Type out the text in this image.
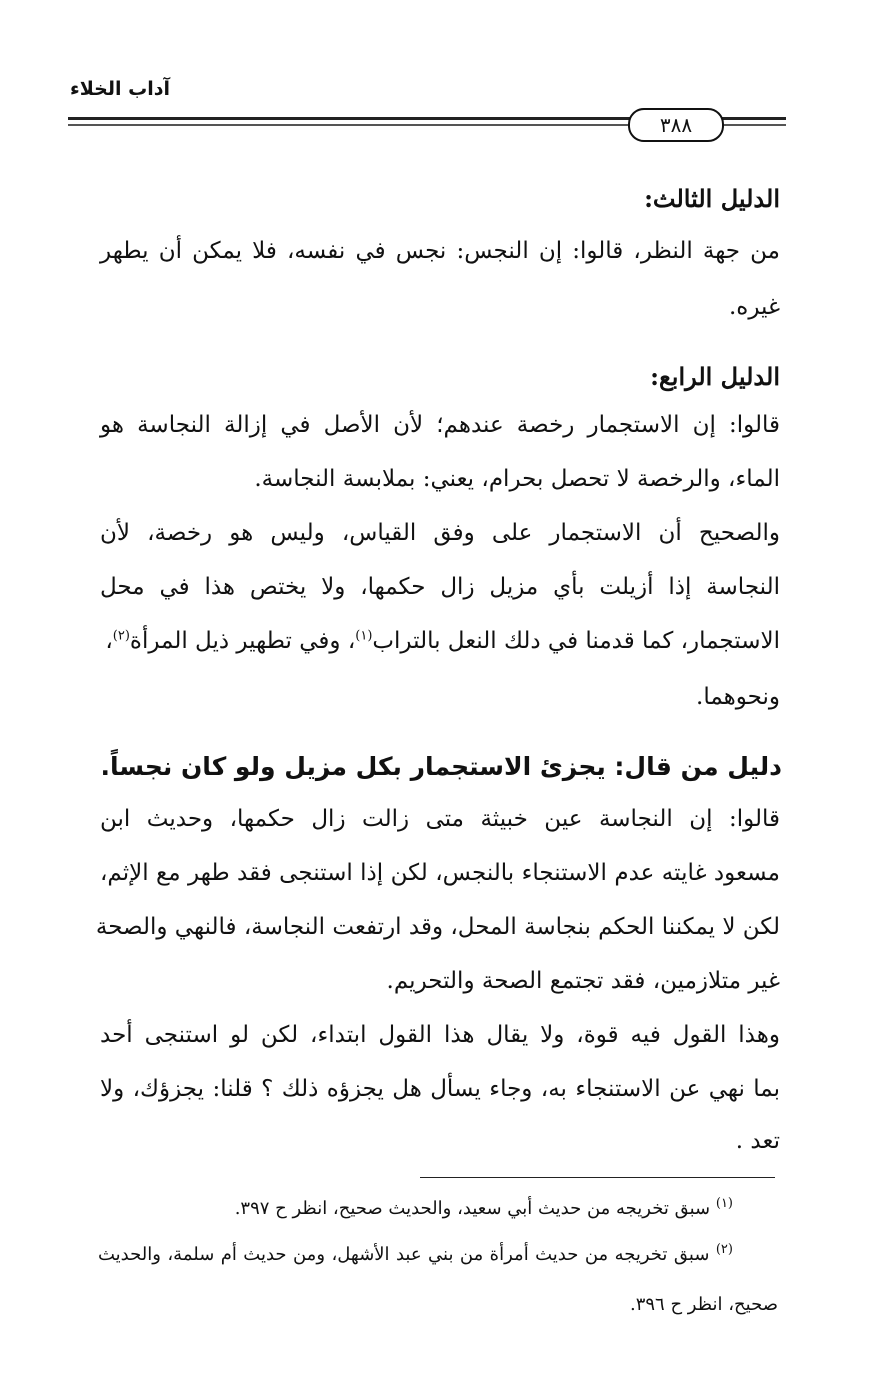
آداب الخلاء
٣٨٨
الدليل الثالث:
من جهة النظر، قالوا: إن النجس: نجس في نفسه، فلا يمكن أن يطهر
غيره.
الدليل الرابع:
قالوا: إن الاستجمار رخصة عندهم؛ لأن الأصل في إزالة النجاسة هو
الماء، والرخصة لا تحصل بحرام، يعني: بملابسة النجاسة.
والصحيح أن الاستجمار على وفق القياس، وليس هو رخصة، لأن
النجاسة إذا أزيلت بأي مزيل زال حكمها، ولا يختص هذا في محل
الاستجمار، كما قدمنا في دلك النعل بالتراب$^{(١)}$، وفي تطهير ذيل المرأة$^{(٢)}$،
ونحوهما.
دليل من قال: يجزئ الاستجمار بكل مزيل ولو كان نجساً.
قالوا: إن النجاسة عين خبيثة متى زالت زال حكمها، وحديث ابن
مسعود غايته عدم الاستنجاء بالنجس، لكن إذا استنجى فقد طهر مع الإثم،
لكن لا يمكننا الحكم بنجاسة المحل، وقد ارتفعت النجاسة، فالنهي والصحة
غير متلازمين، فقد تجتمع الصحة والتحريم.
وهذا القول فيه قوة، ولا يقال هذا القول ابتداء، لكن لو استنجى أحد
بما نهي عن الاستنجاء به، وجاء يسأل هل يجزؤه ذلك ؟ قلنا: يجزؤك، ولا
تعد .
$^{(١)}$ سبق تخريجه من حديث أبي سعيد، والحديث صحيح، انظر ح ٣٩٧.
$^{(٢)}$ سبق تخريجه من حديث أمرأة من بني عبد الأشهل، ومن حديث أم سلمة، والحديث
صحيح، انظر ح ٣٩٦.
